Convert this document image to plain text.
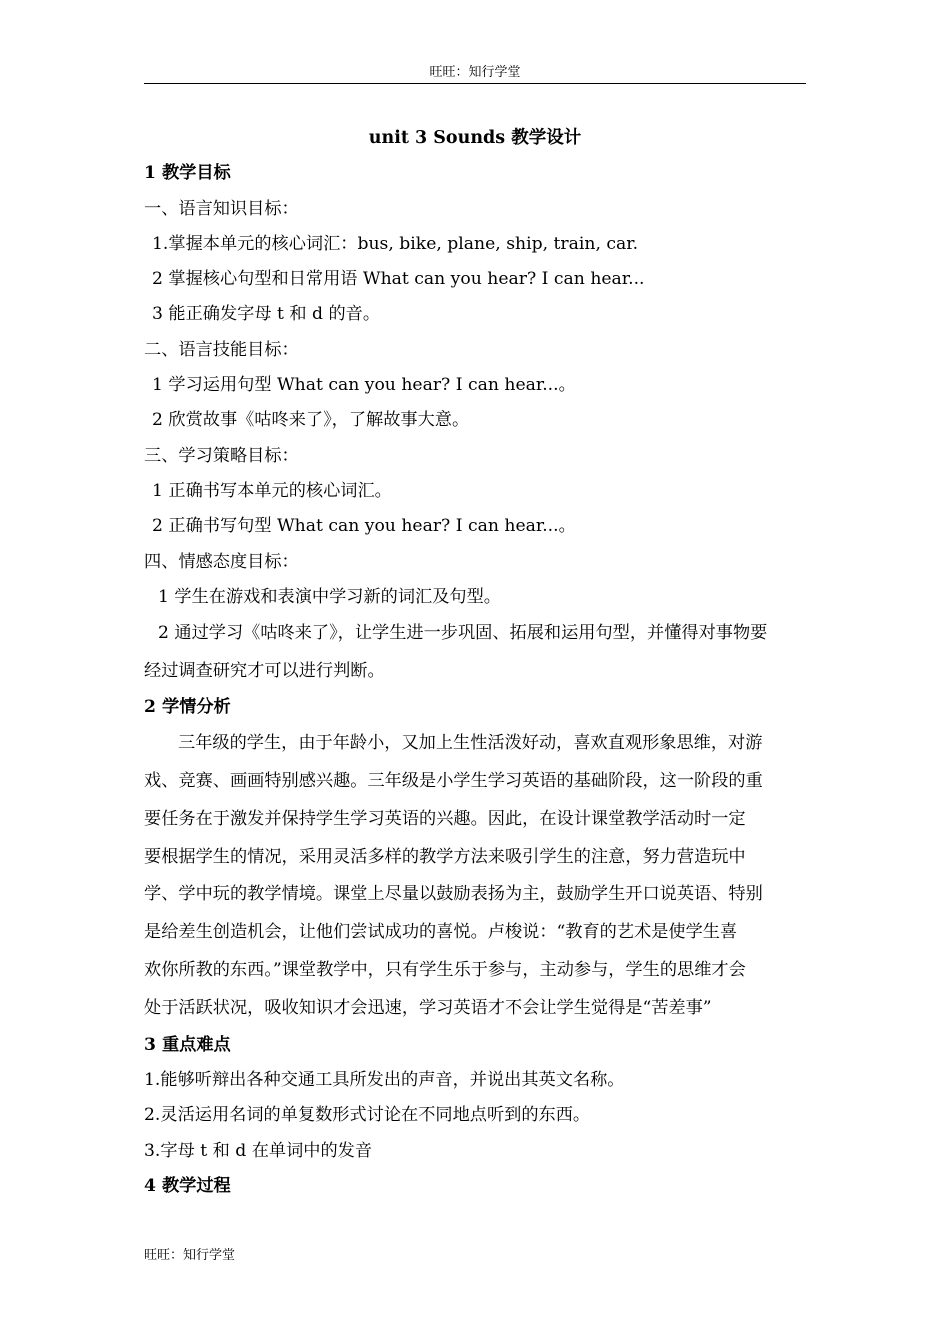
旺旺：知行学堂
unit 3 Sounds 教学设计
1 教学目标
一、语言知识目标：
1.掌握本单元的核心词汇：bus, bike, plane, ship, train, car.
2 掌握核心句型和日常用语 What can you hear? I can hear...
3 能正确发字母 t 和 d 的音。
二、语言技能目标：
1 学习运用句型 What can you hear? I can hear...。
2 欣赏故事《咕咚来了》，了解故事大意。
三、学习策略目标：
1 正确书写本单元的核心词汇。
2 正确书写句型 What can you hear? I can hear...。
四、情感态度目标：
1 学生在游戏和表演中学习新的词汇及句型。
2 通过学习《咕咚来了》，让学生进一步巩固、拓展和运用句型，并懂得对事物要
经过调查研究才可以进行判断。
2 学情分析
三年级的学生，由于年龄小，又加上生性活泼好动，喜欢直观形象思维，对游
戏、竞赛、画画特别感兴趣。三年级是小学生学习英语的基础阶段，这一阶段的重
要任务在于激发并保持学生学习英语的兴趣。因此，在设计课堂教学活动时一定
要根据学生的情况，采用灵活多样的教学方法来吸引学生的注意，努力营造玩中
学、学中玩的教学情境。课堂上尽量以鼓励表扬为主，鼓励学生开口说英语、特别
是给差生创造机会，让他们尝试成功的喜悦。卢梭说：“教育的艺术是使学生喜
欢你所教的东西。”课堂教学中，只有学生乐于参与，主动参与，学生的思维才会
处于活跃状况，吸收知识才会迅速，学习英语才不会让学生觉得是“苦差事”
3 重点难点
1.能够听辩出各种交通工具所发出的声音，并说出其英文名称。
2.灵活运用名词的单复数形式讨论在不同地点听到的东西。
3.字母 t 和 d 在单词中的发音
4 教学过程
旺旺：知行学堂
